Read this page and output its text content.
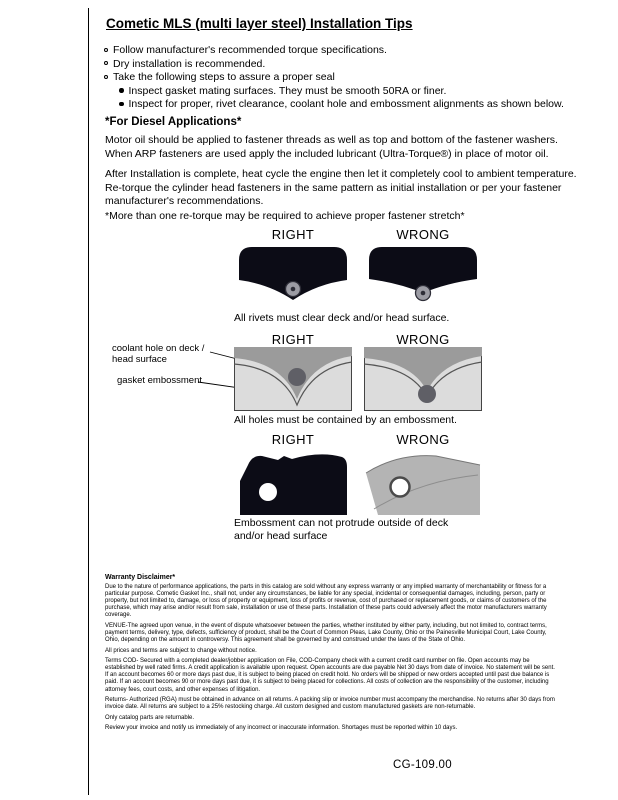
Cometic MLS (multi layer steel) Installation Tips
Follow manufacturer's recommended torque specifications.
Dry installation is recommended.
Take the following steps to assure a proper seal
Inspect gasket mating surfaces. They must be smooth 50RA or finer.
Inspect for proper, rivet clearance, coolant hole and embossment alignments as shown below.
*For Diesel Applications*

Motor oil should be applied to fastener threads as well as top and bottom of the fastener washers. When ARP fasteners are used apply the included lubricant (Ultra-Torque®) in place of motor oil.

After Installation is complete, heat cycle the engine then let it completely cool to ambient temperature. Re-torque the cylinder head fasteners in the same pattern as initial installation or per your fastener manufacturer's recommendations.

*More than one re-torque may be required to achieve proper fastener stretch*
RIGHT	WRONG
All rivets must clear deck and/or head surface.
RIGHT	WRONG
coolant hole on deck / head surface
gasket embossment
All holes must be contained by an embossment.
RIGHT	WRONG
Embossment can not protrude outside of deck and/or head surface

Warranty Disclaimer*

Due to the nature of performance applications, the parts in this catalog are sold without any express warranty or any implied warranty of merchantability or fitness for a particular purpose. Cometic Gasket Inc., shall not, under any circumstances, be liable for any special, incidental or consequential damages, including, person, party or property, but not limited to, damage, or loss of property or equipment, loss of profits or revenue, cost of purchased or replacement goods, or claims of customers of the purchase, which may arise and/or result from sale, installation or use of these parts. Installation of these parts could adversely affect the motor manufacturers warranty coverage.

VENUE-The agreed upon venue, in the event of dispute whatsoever between the parties, whether instituted by either party, including, but not limited to, contract terms, payment terms, delivery, type, defects, sufficiency of product, shall be the Court of Common Pleas, Lake County, Ohio or the Painesville Municipal Court, Lake County, Ohio, depending on the amount in controversy. This agreement shall be governed by and construed under the laws of the State of Ohio.

All prices and terms are subject to change without notice.

Terms COD- Secured with a completed dealer/jobber application on File, COD-Company check with a current credit card number on file. Open accounts may be established by well rated firms. A credit application is available upon request. Open accounts are due payable Net 30 days from date of invoice. No statement will be sent. If an account becomes 60 or more days past due, it is subject to being placed on credit hold. No orders will be shipped or new orders accepted until past due balance is paid. If an account becomes 90 or more days past due, it is subject to being placed for collections. All costs of collection are the responsibility of the customer, including attorney fees, court costs, and other expenses of litigation.

Returns- Authorized (RGA) must be obtained in advance on all returns. A packing slip or invoice number must accompany the merchandise. No returns after 30 days from invoice date. All returns are subject to a 25% restocking charge. All custom designed and custom manufactured gaskets are non-returnable.

Only catalog parts are returnable.

Review your invoice and notify us immediately of any incorrect or inaccurate information. Shortages must be reported within 10 days.

CG-109.00
